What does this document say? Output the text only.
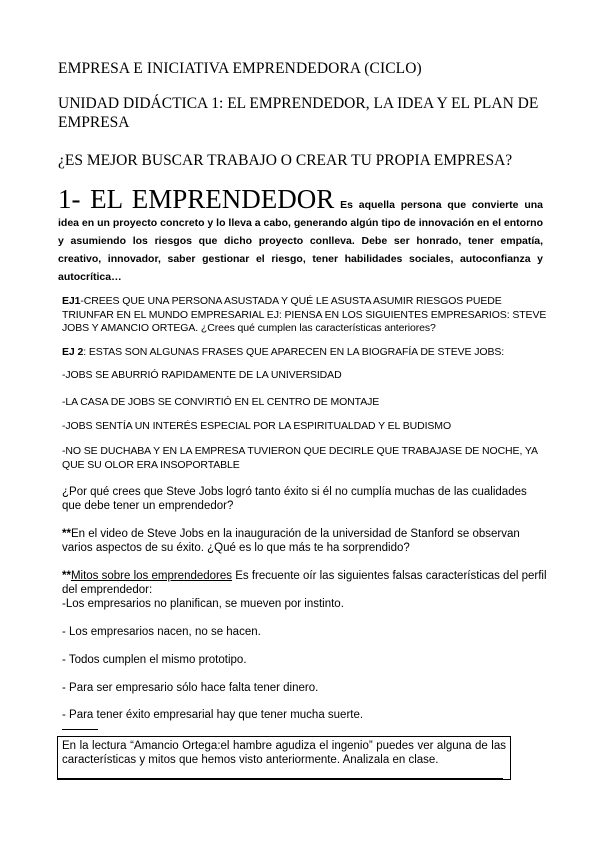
EMPRESA E INICIATIVA EMPRENDEDORA (CICLO)
UNIDAD DIDÁCTICA 1: EL EMPRENDEDOR, LA IDEA Y EL PLAN DE EMPRESA
¿ES MEJOR BUSCAR TRABAJO O CREAR TU PROPIA EMPRESA?

1- EL EMPRENDEDOR Es aquella persona que convierte una idea en un proyecto concreto y lo lleva a cabo, generando algún tipo de innovación en el entorno y asumiendo los riesgos que dicho proyecto conlleva. Debe ser honrado, tener empatía, creativo, innovador, saber gestionar el riesgo, tener habilidades sociales, autoconfianza y autocrítica…

EJ1-CREES QUE UNA PERSONA ASUSTADA Y QUÉ LE ASUSTA ASUMIR RIESGOS PUEDE TRIUNFAR EN EL MUNDO EMPRESARIAL EJ: PIENSA EN LOS SIGUIENTES EMPRESARIOS: STEVE JOBS Y AMANCIO ORTEGA. ¿Crees qué cumplen las características anteriores?
EJ 2: ESTAS SON ALGUNAS FRASES QUE APARECEN EN LA BIOGRAFÍA DE STEVE JOBS:
-JOBS SE ABURRIÓ RAPIDAMENTE DE LA UNIVERSIDAD
-LA CASA DE JOBS SE CONVIRTIÓ EN EL CENTRO DE MONTAJE
-JOBS SENTÍA UN INTERÉS ESPECIAL POR LA ESPIRITUALDAD Y EL BUDISMO
-NO SE DUCHABA Y EN LA EMPRESA TUVIERON QUE DECIRLE QUE TRABAJASE DE NOCHE, YA QUE SU OLOR ERA INSOPORTABLE
¿Por qué crees que Steve Jobs logró tanto éxito si él no cumplía muchas de las cualidades que debe tener un emprendedor?
**En el video de Steve Jobs en la inauguración de la universidad de Stanford se observan varios aspectos de su éxito. ¿Qué es lo que más te ha sorprendido?
**Mitos sobre los emprendedores Es frecuente oír las siguientes falsas características del perfil del emprendedor:
-Los empresarios no planifican, se mueven por instinto.
- Los empresarios nacen, no se hacen.
- Todos cumplen el mismo prototipo.
- Para ser empresario sólo hace falta tener dinero.
- Para tener éxito empresarial hay que tener mucha suerte.
En la lectura “Amancio Ortega:el hambre agudiza el ingenio” puedes ver alguna de las características y mitos que hemos visto anteriormente. Analizala en clase.
